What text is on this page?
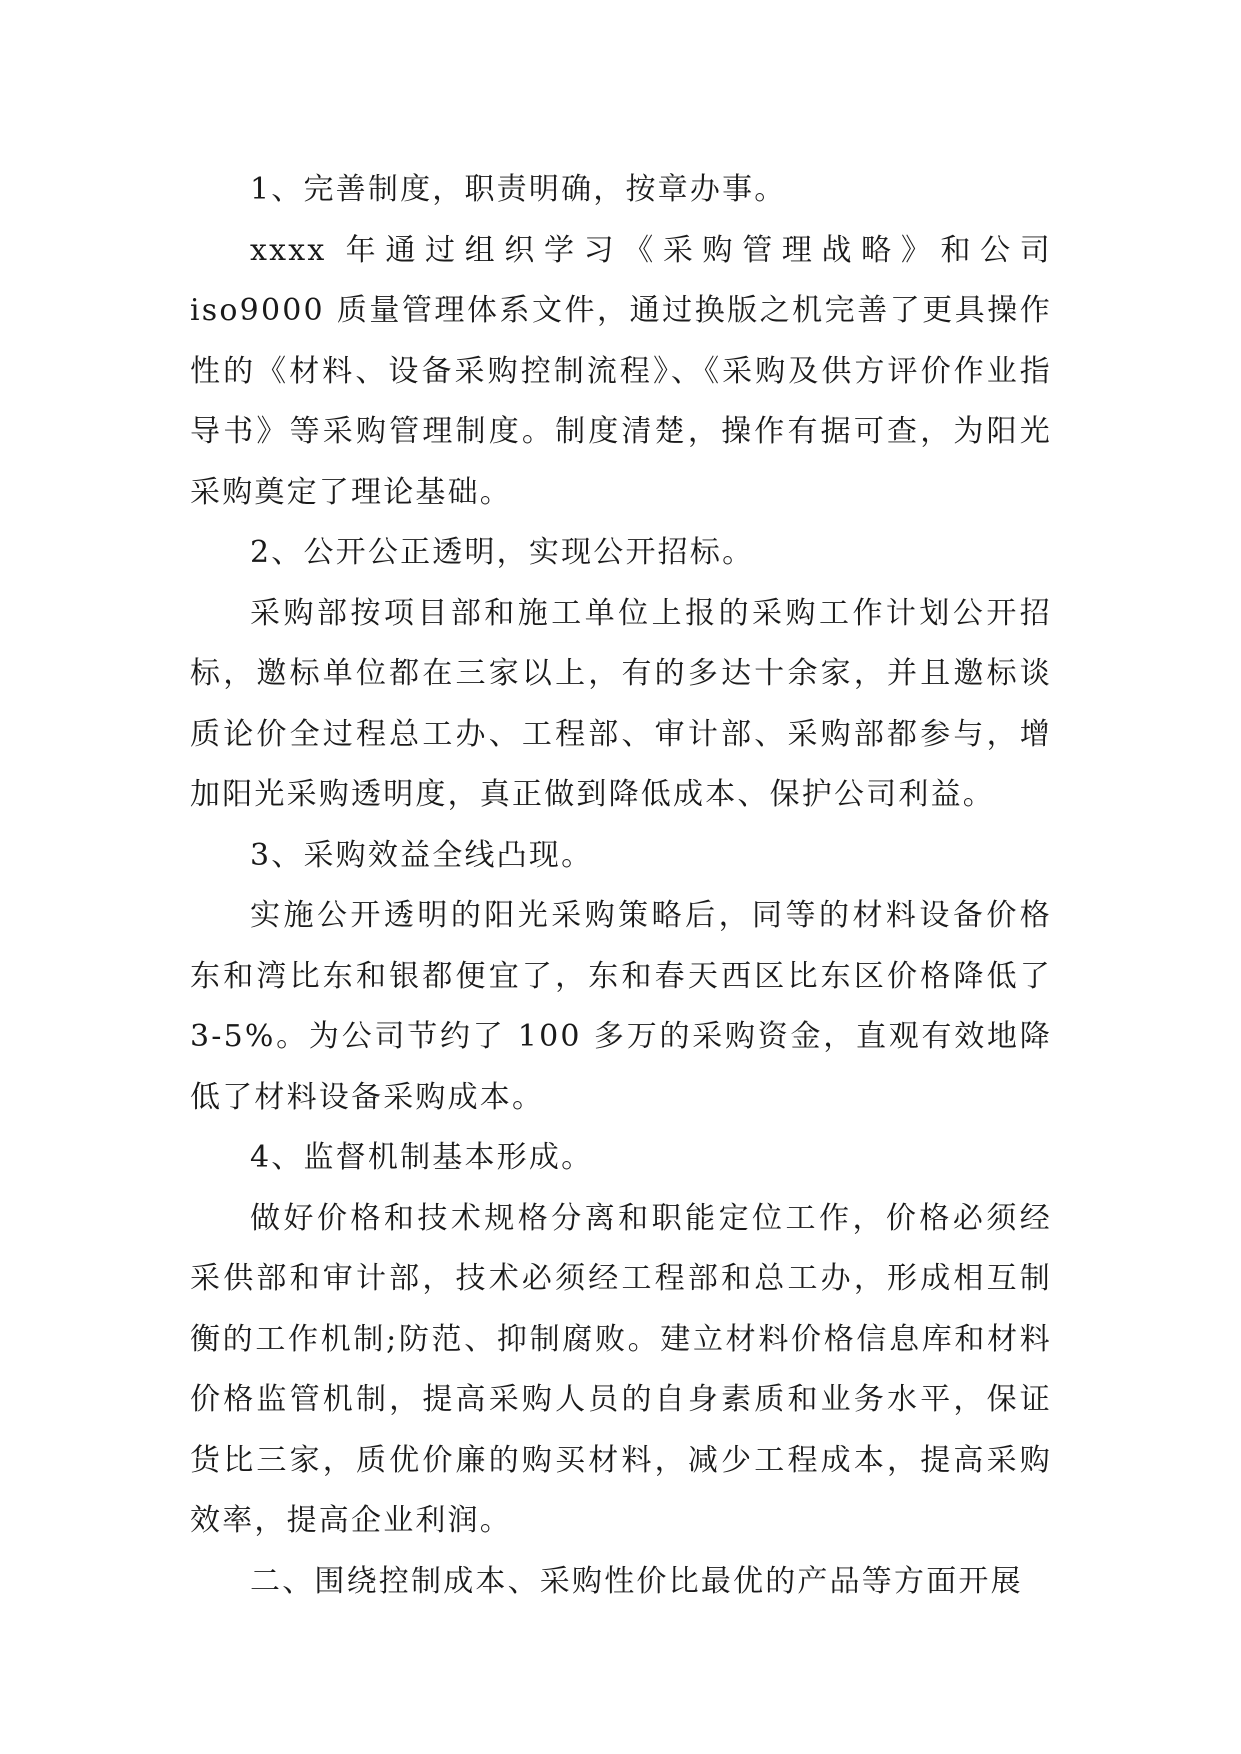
1、完善制度，职责明确，按章办事。

xxxx 年通过组织学习《采购管理战略》和公司 iso9000 质量管理体系文件，通过换版之机完善了更具操作性的《材料、设备采购控制流程》、《采购及供方评价作业指导书》等采购管理制度。制度清楚，操作有据可查，为阳光采购奠定了理论基础。

2、公开公正透明，实现公开招标。

采购部按项目部和施工单位上报的采购工作计划公开招标，邀标单位都在三家以上，有的多达十余家，并且邀标谈质论价全过程总工办、工程部、审计部、采购部都参与，增加阳光采购透明度，真正做到降低成本、保护公司利益。

3、采购效益全线凸现。

实施公开透明的阳光采购策略后，同等的材料设备价格东和湾比东和银都便宜了，东和春天西区比东区价格降低了3-5%。为公司节约了 100 多万的采购资金，直观有效地降低了材料设备采购成本。

4、监督机制基本形成。

做好价格和技术规格分离和职能定位工作，价格必须经采供部和审计部，技术必须经工程部和总工办，形成相互制衡的工作机制;防范、抑制腐败。建立材料价格信息库和材料价格监管机制，提高采购人员的自身素质和业务水平，保证货比三家，质优价廉的购买材料，减少工程成本，提高采购效率，提高企业利润。

二、围绕控制成本、采购性价比最优的产品等方面开展
